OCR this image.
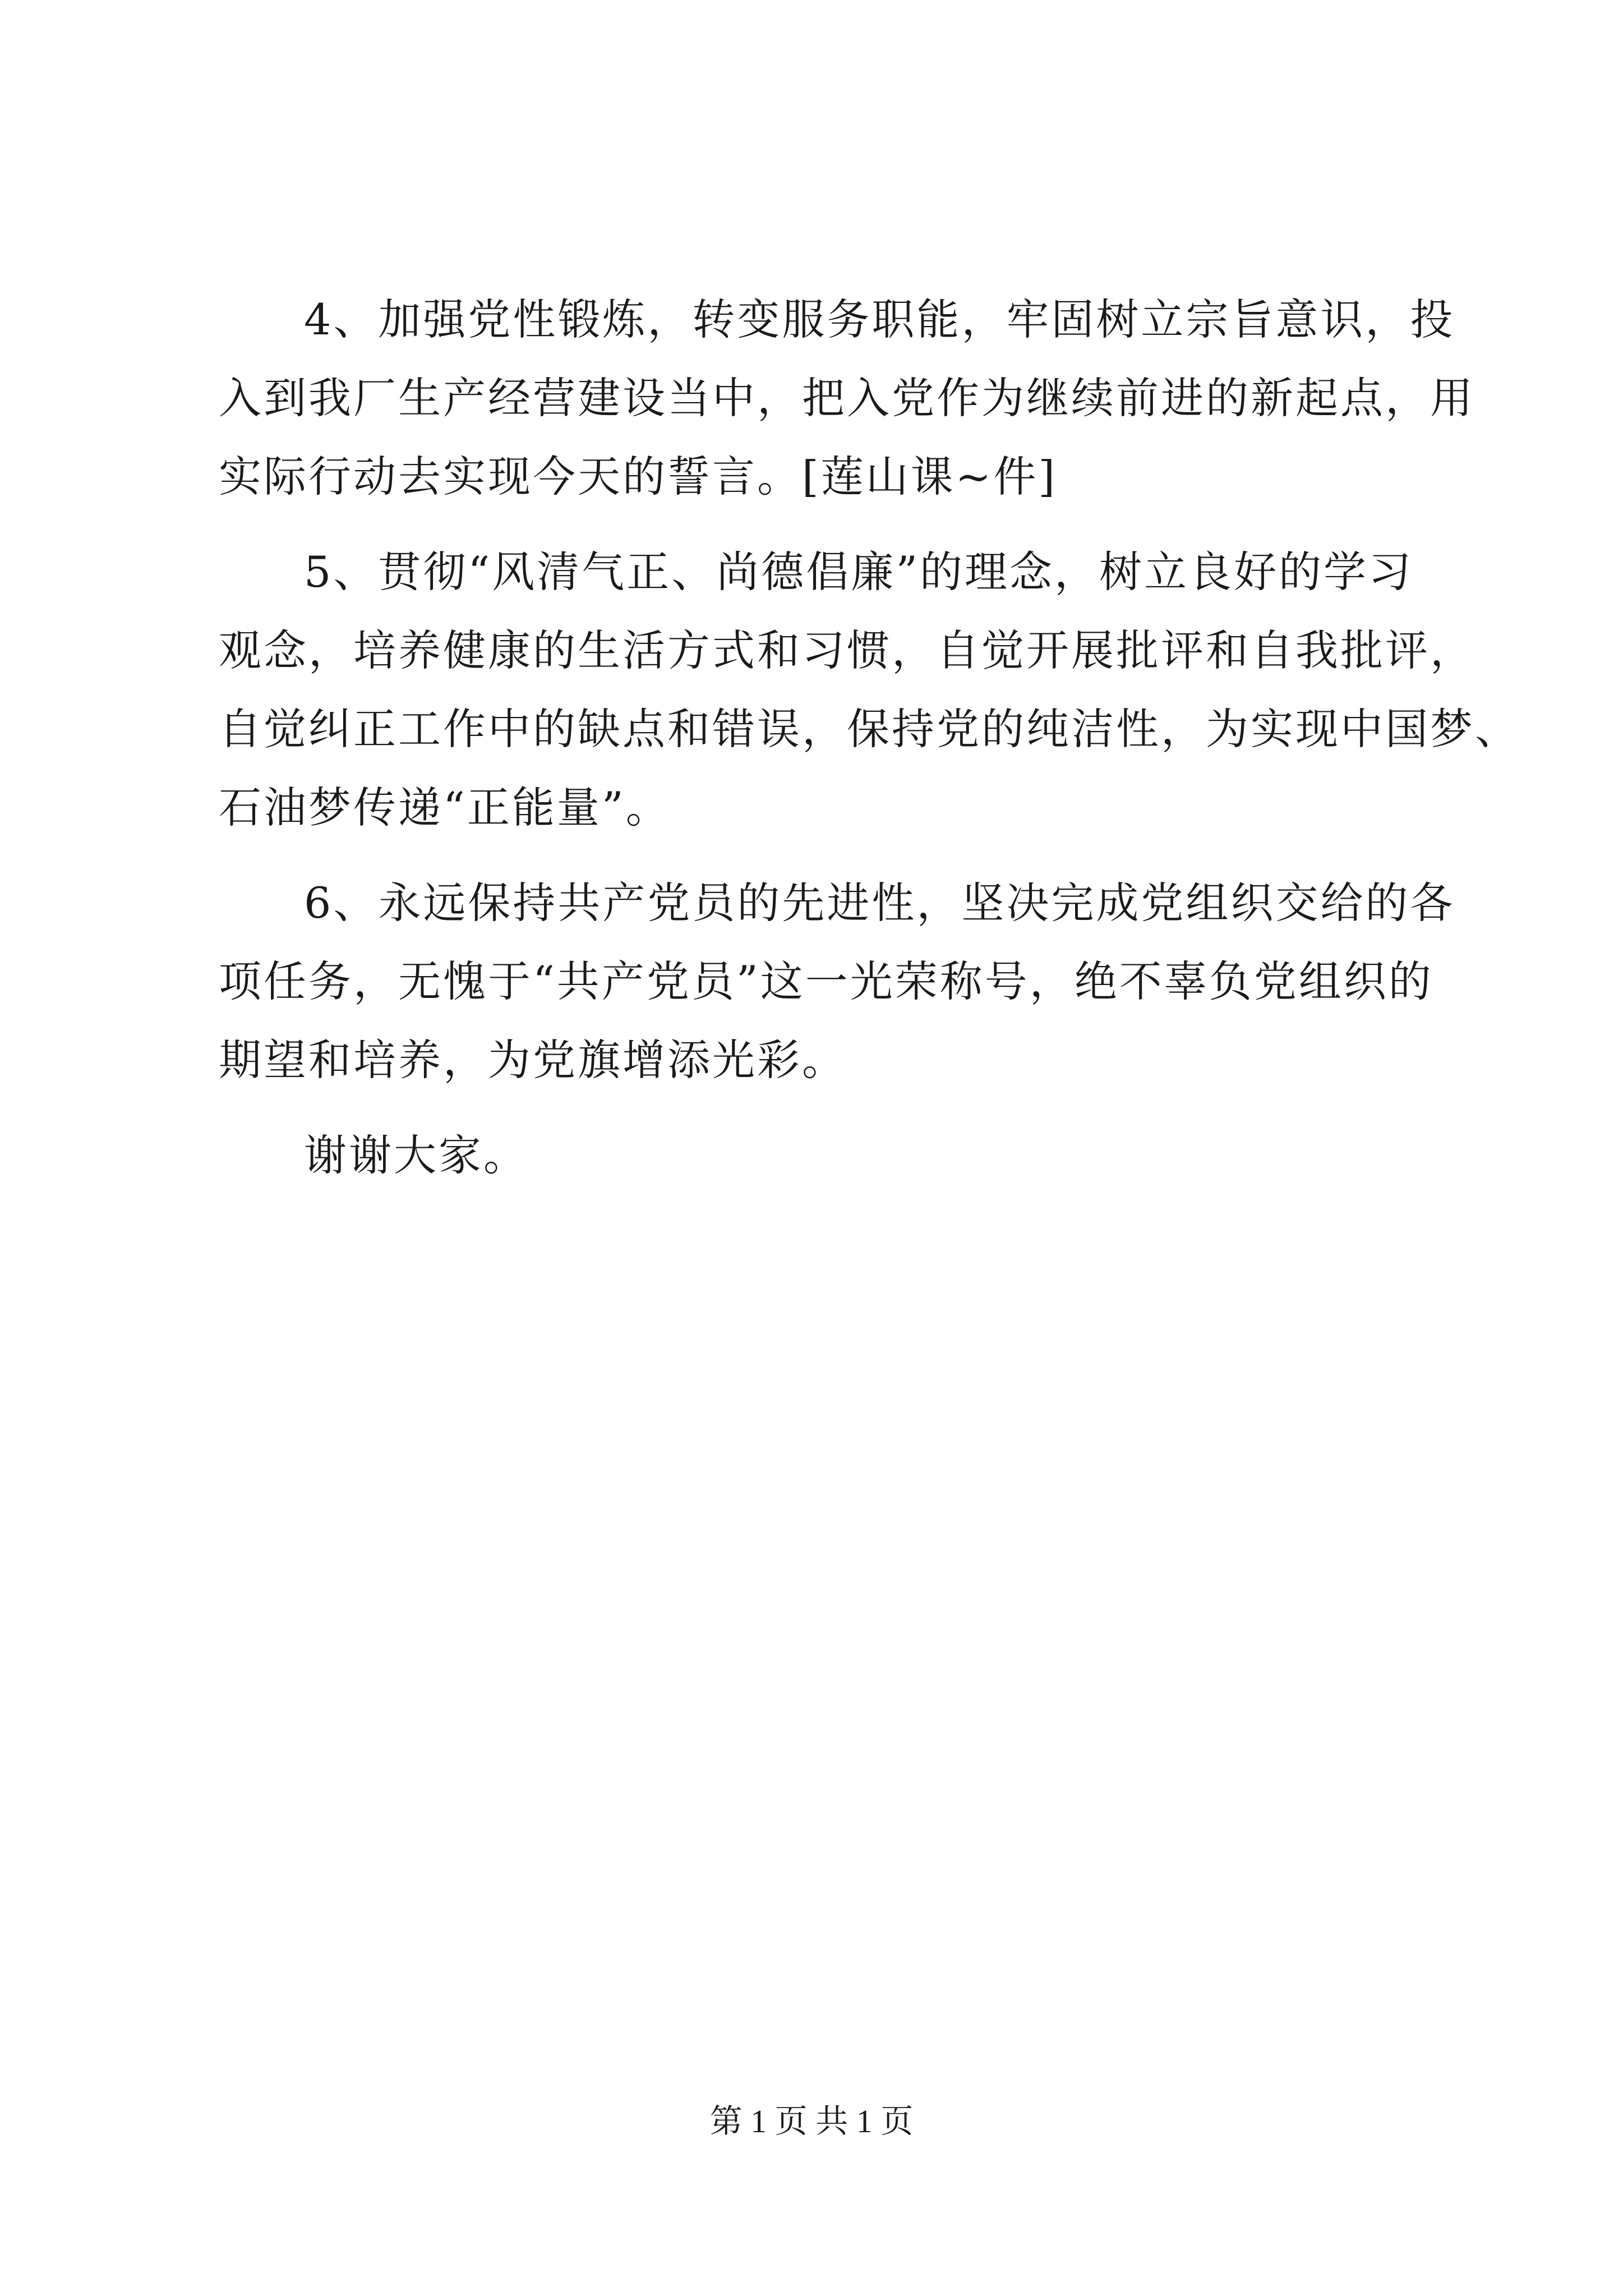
4、加强党性锻炼，转变服务职能，牢固树立宗旨意识，投
入到我厂生产经营建设当中，把入党作为继续前进的新起点，用
实际行动去实现今天的誓言。[莲山课~件]
5、贯彻“风清气正、尚德倡廉”的理念，树立良好的学习
观念，培养健康的生活方式和习惯，自觉开展批评和自我批评，
自觉纠正工作中的缺点和错误，保持党的纯洁性，为实现中国梦、
石油梦传递“正能量”。
6、永远保持共产党员的先进性，坚决完成党组织交给的各
项任务，无愧于“共产党员”这一光荣称号，绝不辜负党组织的
期望和培养，为党旗增添光彩。
谢谢大家。
第 1 页 共 1 页
